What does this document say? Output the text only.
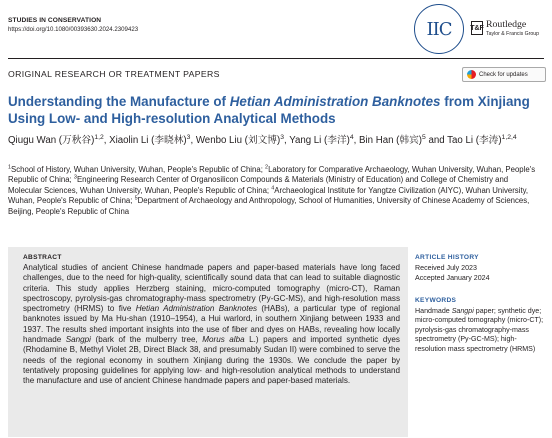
STUDIES IN CONSERVATION
https://doi.org/10.1080/00393630.2024.2309423	IIC	T&F Routledge
Taylor & Francis Group
ORIGINAL RESEARCH OR TREATMENT PAPERS	Check for updates
Understanding the Manufacture of Hetian Administration Banknotes from Xinjiang Using Low- and High-resolution Analytical Methods
Qiugu Wan (万秋谷)$^{1,2}$, Xiaolin Li (李晓林)$^3$, Wenbo Liu (刘文博)$^3$, Yang Li (李洋)$^4$, Bin Han (韩宾)$^5$ and Tao Li (李涛)$^{1,2,4}$
$^1$School of History, Wuhan University, Wuhan, People's Republic of China; $^2$Laboratory for Comparative Archaeology, Wuhan University, Wuhan, People's Republic of China; $^3$Engineering Research Center of Organosilicon Compounds & Materials (Ministry of Education) and College of Chemistry and Molecular Sciences, Wuhan University, Wuhan, People's Republic of China; $^4$Archaeological Institute for Yangtze Civilization (AIYC), Wuhan University, Wuhan, People's Republic of China; $^5$Department of Archaeology and Anthropology, School of Humanities, University of Chinese Academy of Sciences, Beijing, People's Republic of China
ABSTRACT
Analytical studies of ancient Chinese handmade papers and paper-based materials have long faced challenges, due to the need for high-quality, scientifically sound data that can lead to suitable diagnostic criteria. This study applies Herzberg staining, micro-computed tomography (micro-CT), Raman spectroscopy, pyrolysis-gas chromatography-mass spectrometry (Py-GC-MS), and high-resolution mass spectrometry (HRMS) to five Hetian Administration Banknotes (HABs), a particular type of regional banknotes issued by Ma Hu-shan (1910–1954), a Hui warlord, in southern Xinjiang between 1933 and 1937. The results shed important insights into the use of fiber and dyes on HABs, revealing how locally handmade Sangpi (bark of the mulberry tree, Morus alba L.) papers and imported synthetic dyes (Rhodamine B, Methyl Violet 2B, Direct Black 38, and presumably Sudan II) were combined to serve the needs of the regional economy in southern Xinjiang during the 1930s. We conclude the paper by tentatively proposing guidelines for applying low- and high-resolution analytical methods to understand the manufacture and use of ancient Chinese handmade papers and paper-based materials.
ARTICLE HISTORY
Received July 2023
Accepted January 2024
KEYWORDS
Handmade Sangpi paper; synthetic dye; micro-computed tomography (micro-CT); pyrolysis-gas chromatography-mass spectrometry (Py-GC-MS); high-resolution mass spectrometry (HRMS)
